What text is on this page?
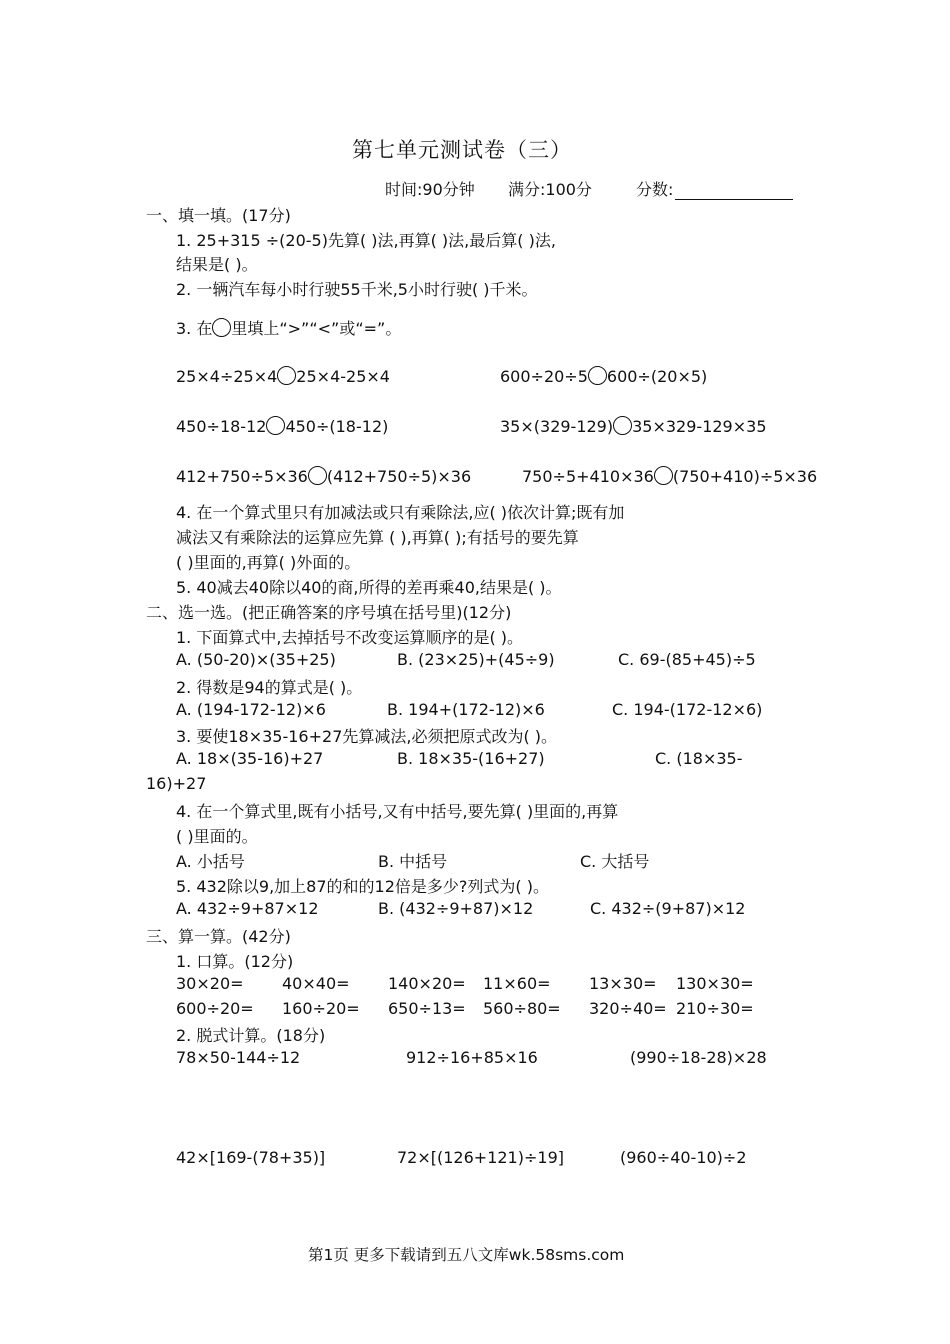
第七单元测试卷（三）
时间:90分钟 满分:100分	分数:
一、填一填。(17分)
1. 25+315 ÷(20-5)先算( )法,再算( )法,最后算( )法,
结果是( )。
2. 一辆汽车每小时行驶55千米,5小时行驶( )千米。
3. 在 里填上“>”“<”或“=”。
25×4÷25×4 25×4-25×4	600÷20÷5 600÷(20×5)
450÷18-12 450÷(18-12)	35×(329-129) 35×329-129×35
412+750÷5×36 (412+750÷5)×36	750÷5+410×36 (750+410)÷5×36
4. 在一个算式里只有加减法或只有乘除法,应( )依次计算;既有加
减法又有乘除法的运算应先算 ( ),再算( );有括号的要先算
( )里面的,再算( )外面的。
5. 40减去40除以40的商,所得的差再乘40,结果是( )。
二、选一选。(把正确答案的序号填在括号里)(12分)
1. 下面算式中,去掉括号不改变运算顺序的是( )。
A. (50-20)×(35+25)	B. (23×25)+(45÷9)	C. 69-(85+45)÷5
2. 得数是94的算式是( )。
A. (194-172-12)×6	B. 194+(172-12)×6	C. 194-(172-12×6)
3. 要使18×35-16+27先算减法,必须把原式改为( )。
A. 18×(35-16)+27	B. 18×35-(16+27)	C. (18×35-
16)+27
4. 在一个算式里,既有小括号,又有中括号,要先算( )里面的,再算
( )里面的。
A. 小括号	B. 中括号	C. 大括号
5. 432除以9,加上87的和的12倍是多少?列式为( )。
A. 432÷9+87×12	B. (432÷9+87)×12	C. 432÷(9+87)×12
三、算一算。(42分)
1. 口算。(12分)
30×20= 40×40= 140×20= 11×60= 13×30= 130×30=
600÷20= 160÷20= 650÷13= 560÷80= 320÷40= 210÷30=
2. 脱式计算。(18分)
78×50-144÷12	912÷16+85×16	(990÷18-28)×28
42×[169-(78+35)]	72×[(126+121)÷19]	(960÷40-10)÷2
第1页 更多下载请到五八文库wk.58sms.com
